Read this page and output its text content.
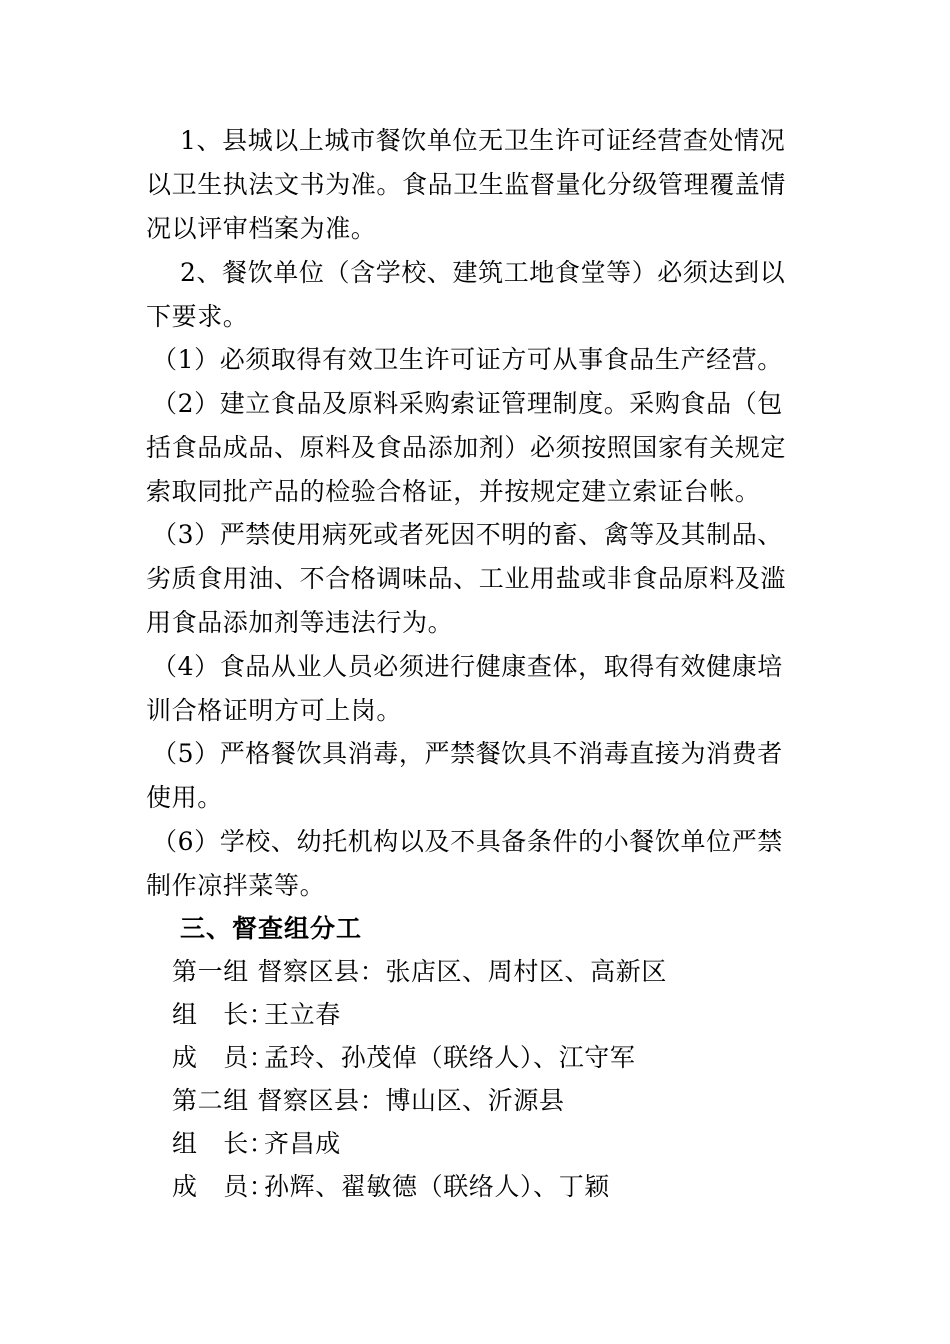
1、县城以上城市餐饮单位无卫生许可证经营查处情况
以卫生执法文书为准。食品卫生监督量化分级管理覆盖情
况以评审档案为准。
2、餐饮单位（含学校、建筑工地食堂等）必须达到以
下要求。
（1）必须取得有效卫生许可证方可从事食品生产经营。
（2）建立食品及原料采购索证管理制度。采购食品（包
括食品成品、原料及食品添加剂）必须按照国家有关规定
索取同批产品的检验合格证，并按规定建立索证台帐。
（3）严禁使用病死或者死因不明的畜、禽等及其制品、
劣质食用油、不合格调味品、工业用盐或非食品原料及滥
用食品添加剂等违法行为。
（4）食品从业人员必须进行健康查体，取得有效健康培
训合格证明方可上岗。
（5）严格餐饮具消毒，严禁餐饮具不消毒直接为消费者
使用。
（6）学校、幼托机构以及不具备条件的小餐饮单位严禁
制作凉拌菜等。
三、督查组分工
第一组 督察区县：张店区、周村区、高新区
组　长：王立春
成　员：孟玲、孙茂倬（联络人）、江守军
第二组 督察区县：博山区、沂源县
组　长：齐昌成
成　员：孙辉、翟敏德（联络人）、丁颖
